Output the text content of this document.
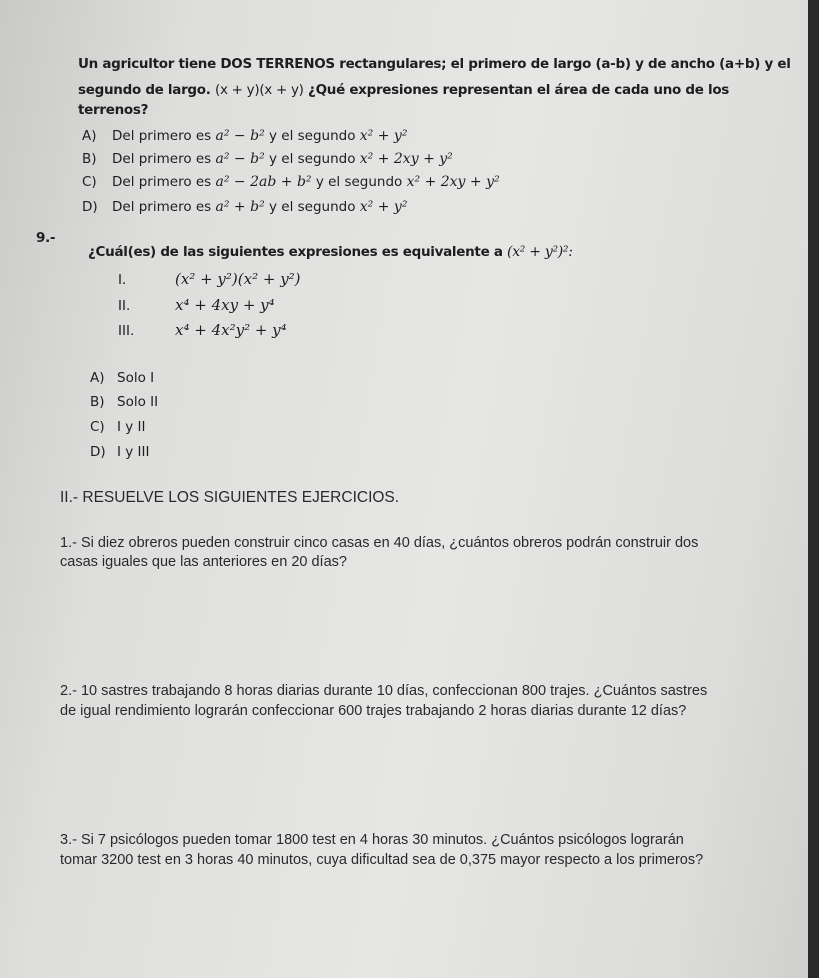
Un agricultor tiene DOS TERRENOS rectangulares; el primero de largo (a-b) y de ancho (a+b) y el
segundo de largo. (x + y)(x + y) ¿Qué expresiones representan el área de cada uno de los
terrenos?
A) Del primero es a² − b² y el segundo x² + y²
B) Del primero es a² − b² y el segundo x² + 2xy + y²
C) Del primero es a² − 2ab + b² y el segundo x² + 2xy + y²
D) Del primero es a² + b² y el segundo x² + y²
9.-
¿Cuál(es) de las siguientes expresiones es equivalente a (x² + y²)²:
I.	(x² + y²)(x² + y²)
II.	x⁴ + 4xy + y⁴
III.	x⁴ + 4x²y² + y⁴
A) Solo I
B) Solo II
C) I y II
D) I y III
II.- RESUELVE LOS SIGUIENTES EJERCICIOS.
1.- Si diez obreros pueden construir cinco casas en 40 días, ¿cuántos obreros podrán construir dos
casas iguales que las anteriores en 20 días?
2.- 10 sastres trabajando 8 horas diarias durante 10 días, confeccionan 800 trajes. ¿Cuántos sastres
de igual rendimiento lograrán confeccionar 600 trajes trabajando 2 horas diarias durante 12 días?
3.- Si 7 psicólogos pueden tomar 1800 test en 4 horas 30 minutos. ¿Cuántos psicólogos lograrán
tomar 3200 test en 3 horas 40 minutos, cuya dificultad sea de 0,375 mayor respecto a los primeros?
